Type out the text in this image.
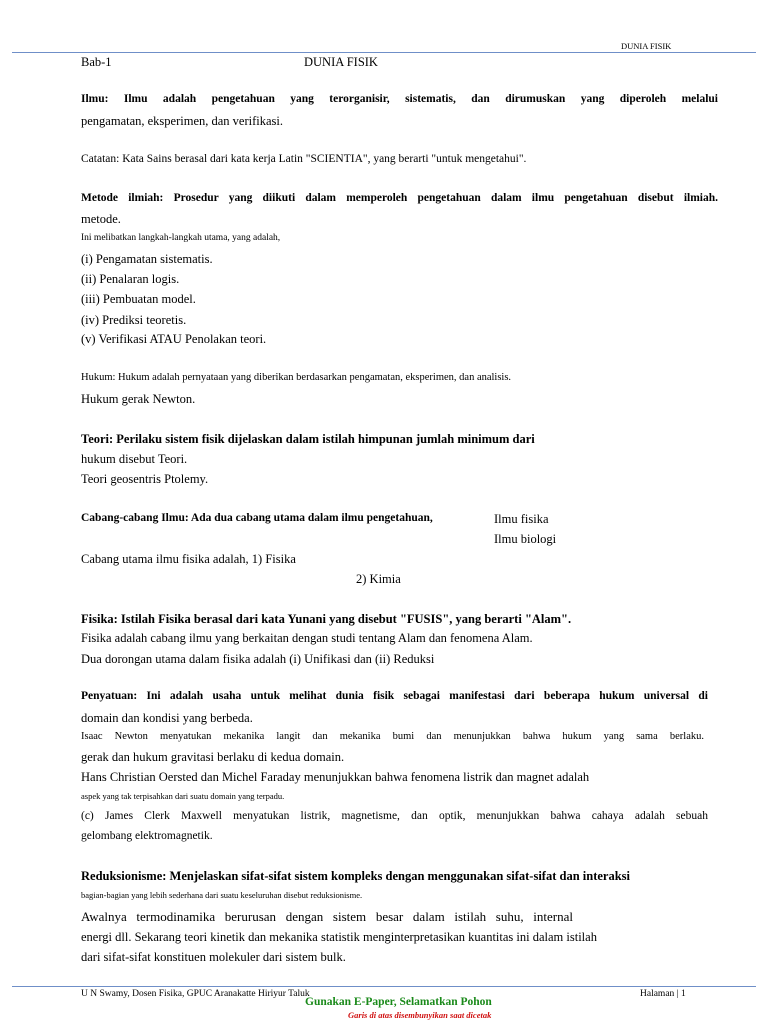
DUNIA FISIK
Bab-1	DUNIA FISIK
Ilmu: Ilmu adalah pengetahuan yang terorganisir, sistematis, dan dirumuskan yang diperoleh melalui
pengamatan, eksperimen, dan verifikasi.
Catatan: Kata Sains berasal dari kata kerja Latin "SCIENTIA", yang berarti "untuk mengetahui".
Metode ilmiah: Prosedur yang diikuti dalam memperoleh pengetahuan dalam ilmu pengetahuan disebut ilmiah.
metode.
Ini melibatkan langkah-langkah utama, yang adalah,
(i) Pengamatan sistematis.
(ii) Penalaran logis.
(iii) Pembuatan model.
(iv) Prediksi teoretis.
(v) Verifikasi ATAU Penolakan teori.
Hukum: Hukum adalah pernyataan yang diberikan berdasarkan pengamatan, eksperimen, dan analisis.
Hukum gerak Newton.
Teori: Perilaku sistem fisik dijelaskan dalam istilah himpunan jumlah minimum dari
hukum disebut Teori.
Teori geosentris Ptolemy.
Cabang-cabang Ilmu: Ada dua cabang utama dalam ilmu pengetahuan,	Ilmu fisika
Ilmu biologi
Cabang utama ilmu fisika adalah, 1) Fisika
2) Kimia
Fisika: Istilah Fisika berasal dari kata Yunani yang disebut "FUSIS", yang berarti "Alam".
Fisika adalah cabang ilmu yang berkaitan dengan studi tentang Alam dan fenomena Alam.
Dua dorongan utama dalam fisika adalah (i) Unifikasi dan (ii) Reduksi
Penyatuan: Ini adalah usaha untuk melihat dunia fisik sebagai manifestasi dari beberapa hukum universal di
domain dan kondisi yang berbeda.
Isaac Newton menyatukan mekanika langit dan mekanika bumi dan menunjukkan bahwa hukum yang sama berlaku.
gerak dan hukum gravitasi berlaku di kedua domain.
Hans Christian Oersted dan Michel Faraday menunjukkan bahwa fenomena listrik dan magnet adalah
aspek yang tak terpisahkan dari suatu domain yang terpadu.
(c) James Clerk Maxwell menyatukan listrik, magnetisme, dan optik, menunjukkan bahwa cahaya adalah sebuah
gelombang elektromagnetik.
Reduksionisme: Menjelaskan sifat-sifat sistem kompleks dengan menggunakan sifat-sifat dan interaksi
bagian-bagian yang lebih sederhana dari suatu keseluruhan disebut reduksionisme.
Awalnya termodinamika berurusan dengan sistem besar dalam istilah suhu, internal
energi dll. Sekarang teori kinetik dan mekanika statistik menginterpretasikan kuantitas ini dalam istilah
dari sifat-sifat konstituen molekuler dari sistem bulk.
U N Swamy, Dosen Fisika, GPUC Aranakatte Hiriyur Taluk	Halaman | 1
Gunakan E-Paper, Selamatkan Pohon
Garis di atas disembunyikan saat dicetak
